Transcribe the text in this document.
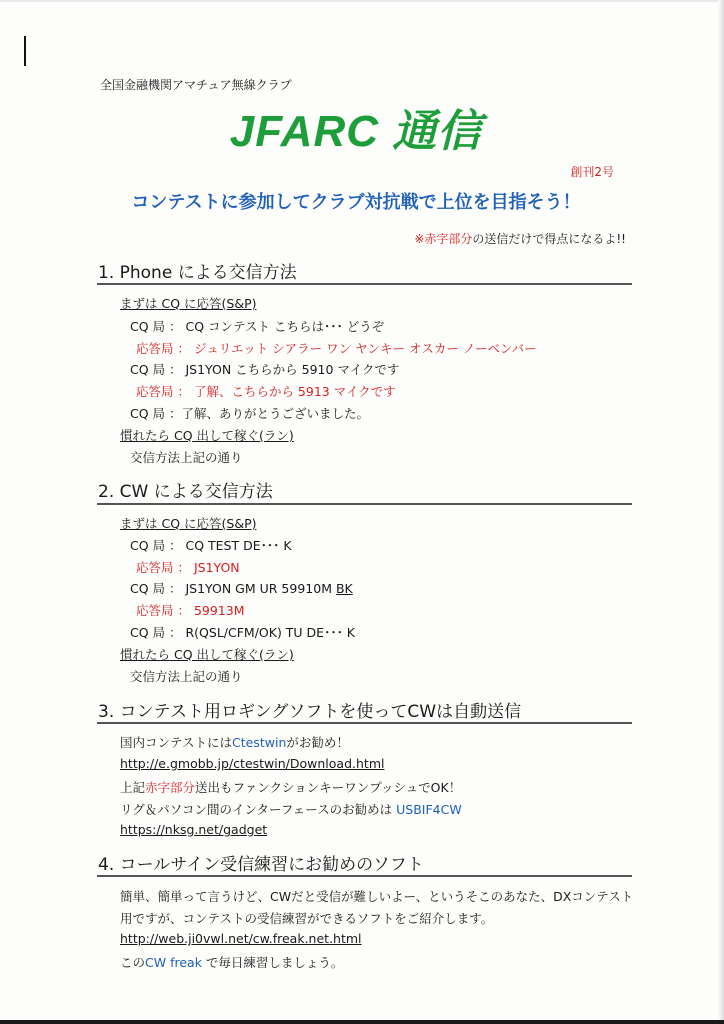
全国金融機関アマチュア無線クラブ
JFARC 通信
創刊2号
コンテストに参加してクラブ対抗戦で上位を目指そう！
※赤字部分の送信だけで得点になるよ!!
1. Phone による交信方法
まずは CQ に応答(S&P)
CQ 局 ： CQ コンテスト こちらは･･･ どうぞ
応答局 ： ジュリエット シアラー ワン ヤンキー オスカー ノーベンバー
CQ 局 ： JS1YON こちらから 5910 マイクです
応答局 ： 了解、こちらから 5913 マイクです
CQ 局 ：了解、ありがとうございました。
慣れたら CQ 出して稼ぐ(ラン)
交信方法上記の通り
2. CW による交信方法
まずは CQ に応答(S&P)
CQ 局 ： CQ TEST DE･･･ K
応答局 ： JS1YON
CQ 局 ： JS1YON GM UR 59910M BK
応答局 ： 59913M
CQ 局 ： R(QSL/CFM/OK) TU DE･･･ K
慣れたら CQ 出して稼ぐ(ラン)
交信方法上記の通り
3. コンテスト用ロギングソフトを使ってCWは自動送信
国内コンテストにはCtestwinがお勧め！
http://e.gmobb.jp/ctestwin/Download.html
上記赤字部分送出もファンクションキーワンプッシュでOK！
リグ＆パソコン間のインターフェースのお勧めは USBIF4CW
https://nksg.net/gadget
4. コールサイン受信練習にお勧めのソフト
簡単、簡単って言うけど、CWだと受信が難しいよー、というそこのあなた、DXコンテスト
用ですが、コンテストの受信練習ができるソフトをご紹介します。
http://web.ji0vwl.net/cw.freak.net.html
このCW freak で毎日練習しましょう。
